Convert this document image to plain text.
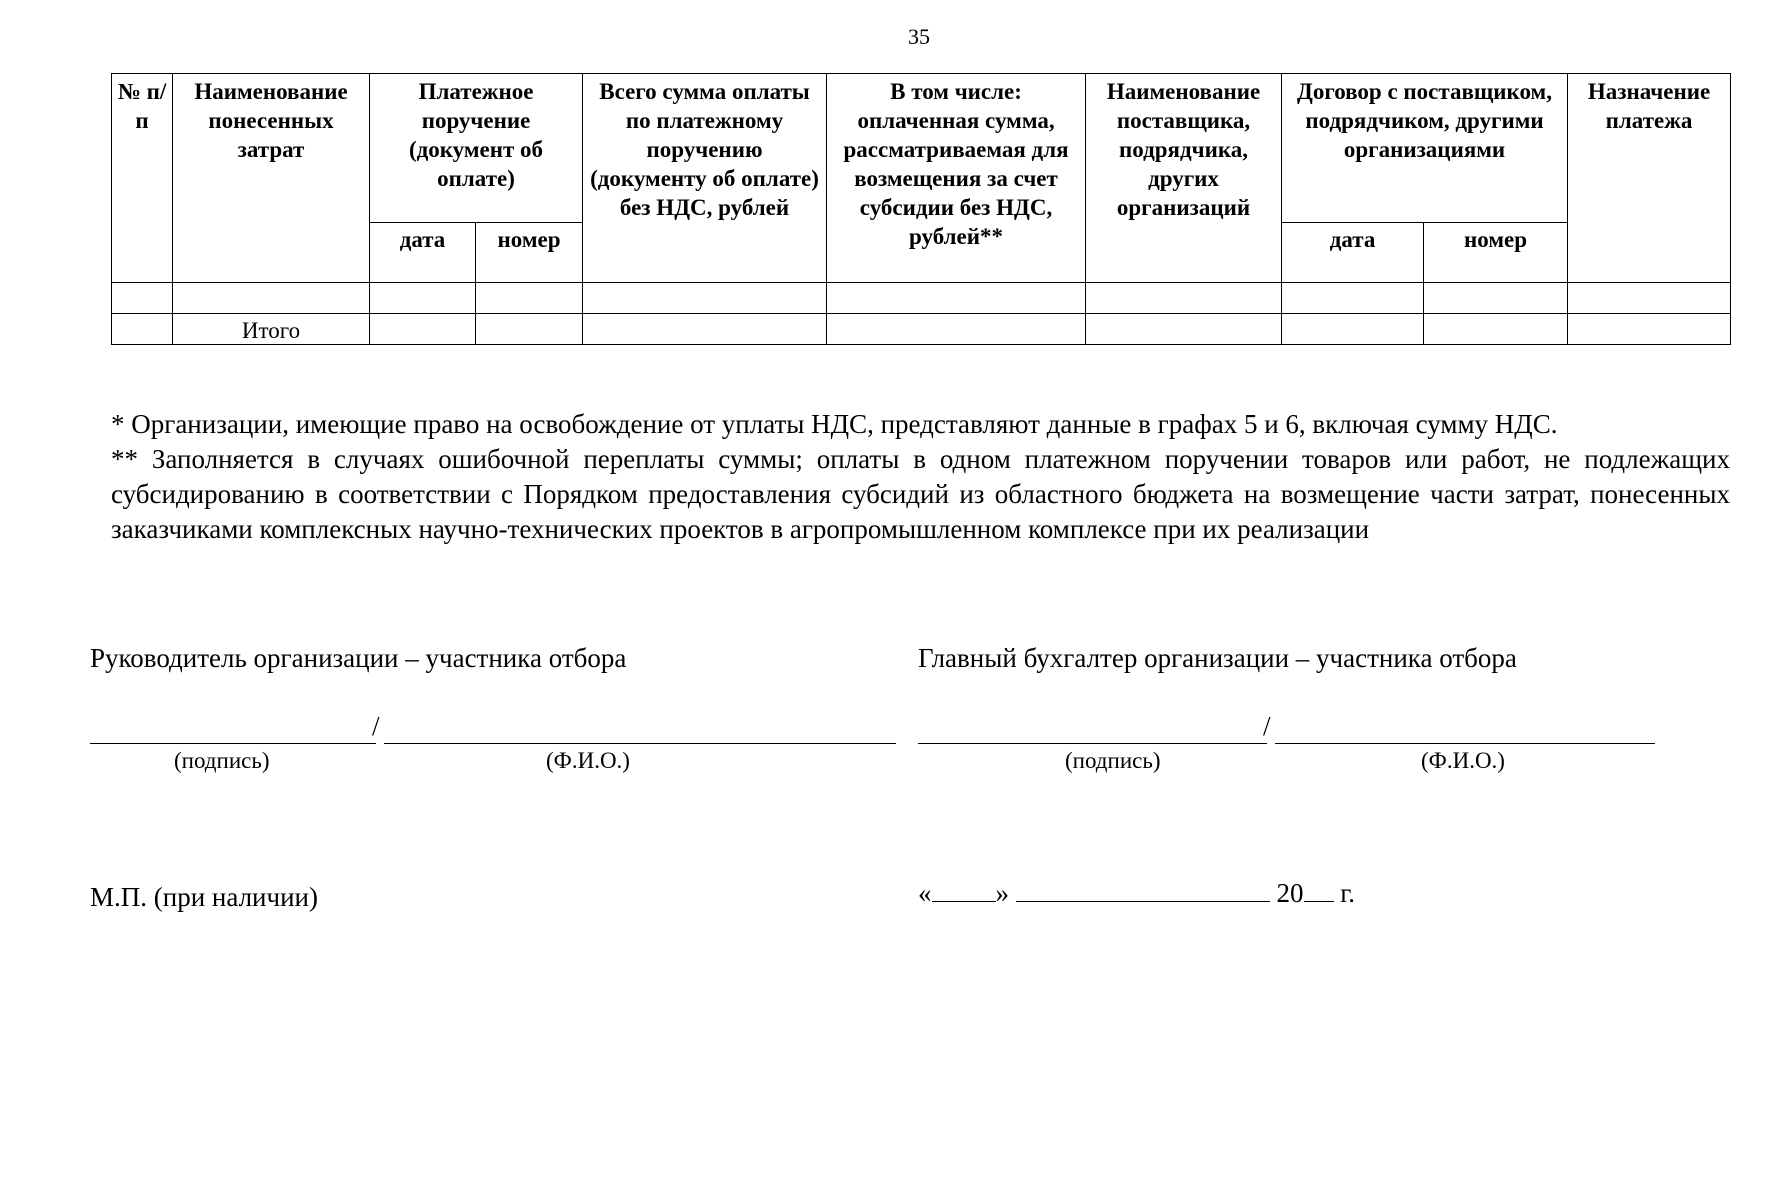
35
№ п/п	Наименование понесенных затрат	Платежное поручение (документ об оплате)		Всего сумма оплаты по платежному поручению (документу об оплате) без НДС, рублей	В том числе: оплаченная сумма, рассматриваемая для возмещения за счет субсидии без НДС, рублей**	Наименование поставщика, подрядчика, других организаций	Договор с поставщиком, подрядчиком, другими организациями		Назначение платежа
		дата	номер				дата	номер	

	Итого								

* Организации, имеющие право на освобождение от уплаты НДС, представляют данные в графах 5 и 6, включая сумму НДС.

** Заполняется в случаях ошибочной переплаты суммы; оплаты в одном платежном поручении товаров или работ, не подлежащих субсидированию в соответствии с Порядком предоставления субсидий из областного бюджета на возмещение части затрат, понесенных заказчиками комплексных научно-технических проектов в агропромышленном комплексе при их реализации

Руководитель организации – участника отбора	Главный бухгалтер организации – участника отбора
/
(подпись)	(Ф.И.О.)
/
(подпись)	(Ф.И.О.)
М.П. (при наличии)	« »	20 г.
